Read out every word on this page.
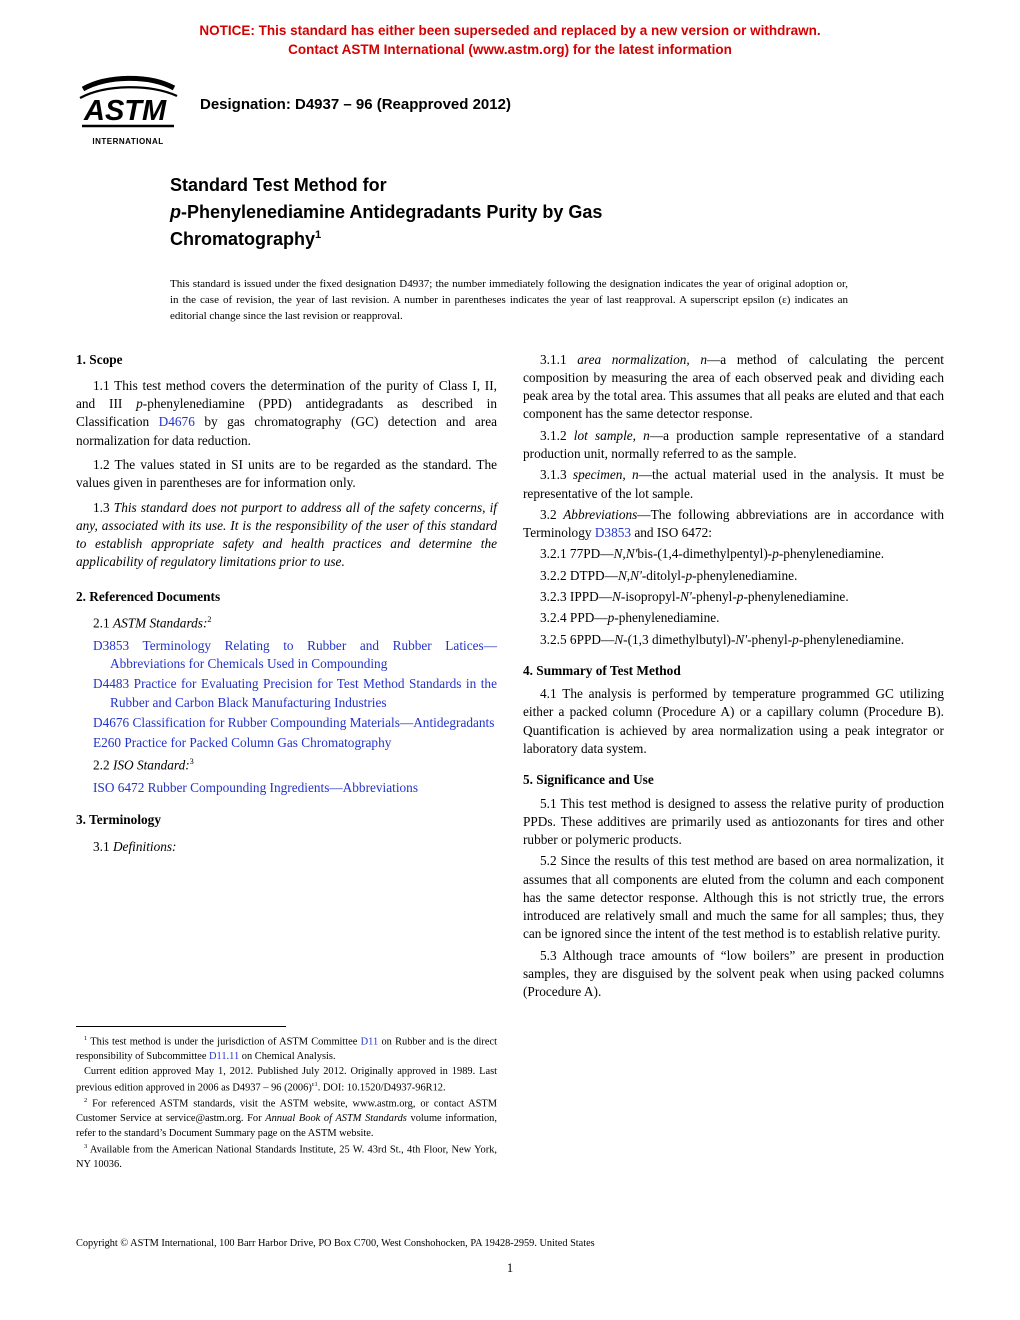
NOTICE: This standard has either been superseded and replaced by a new version or withdrawn.
Contact ASTM International (www.astm.org) for the latest information
ASTM
INTERNATIONAL
Designation: D4937 – 96 (Reapproved 2012)
Standard Test Method for
p-Phenylenediamine Antidegradants Purity by Gas
Chromatography$^1$

This standard is issued under the fixed designation D4937; the number immediately following the designation indicates the year of original adoption or, in the case of revision, the year of last revision. A number in parentheses indicates the year of last reapproval. A superscript epsilon (ε) indicates an editorial change since the last revision or reapproval.

1. Scope

1.1 This test method covers the determination of the purity of Class I, II, and III p-phenylenediamine (PPD) antidegradants as described in Classification D4676 by gas chromatography (GC) detection and area normalization for data reduction.

1.2 The values stated in SI units are to be regarded as the standard. The values given in parentheses are for information only.

1.3 This standard does not purport to address all of the safety concerns, if any, associated with its use. It is the responsibility of the user of this standard to establish appropriate safety and health practices and determine the applicability of regulatory limitations prior to use.

2. Referenced Documents

2.1 ASTM Standards:$^2$

D3853 Terminology Relating to Rubber and Rubber Latices—Abbreviations for Chemicals Used in Compounding

D4483 Practice for Evaluating Precision for Test Method Standards in the Rubber and Carbon Black Manufacturing Industries

D4676 Classification for Rubber Compounding Materials—Antidegradants

E260 Practice for Packed Column Gas Chromatography

2.2 ISO Standard:$^3$

ISO 6472 Rubber Compounding Ingredients—Abbreviations

3. Terminology

3.1 Definitions:

$^1$ This test method is under the jurisdiction of ASTM Committee D11 on Rubber and is the direct responsibility of Subcommittee D11.11 on Chemical Analysis.

Current edition approved May 1, 2012. Published July 2012. Originally approved in 1989. Last previous edition approved in 2006 as D4937 – 96 $(2006)^{\varepsilon 1}$. DOI: 10.1520/D4937-96R12.

$^2$ For referenced ASTM standards, visit the ASTM website, www.astm.org, or contact ASTM Customer Service at service@astm.org. For Annual Book of ASTM Standards volume information, refer to the standard’s Document Summary page on the ASTM website.

$^3$ Available from the American National Standards Institute, 25 W. 43rd St., 4th Floor, New York, NY 10036.

3.1.1 area normalization, n—a method of calculating the percent composition by measuring the area of each observed peak and dividing each peak area by the total area. This assumes that all peaks are eluted and that each component has the same detector response.

3.1.2 lot sample, n—a production sample representative of a standard production unit, normally referred to as the sample.

3.1.3 specimen, n—the actual material used in the analysis. It must be representative of the lot sample.

3.2 Abbreviations—The following abbreviations are in accordance with Terminology D3853 and ISO 6472:

3.2.1 77PD—N,N'bis-(1,4-dimethylpentyl)-p-phenylenediamine.

3.2.2 DTPD—N,N'-ditolyl-p-phenylenediamine.

3.2.3 IPPD—N-isopropyl-N'-phenyl-p-phenylenediamine.

3.2.4 PPD—p-phenylenediamine.

3.2.5 6PPD—N-(1,3 dimethylbutyl)-N'-phenyl-p-phenylenediamine.

4. Summary of Test Method

4.1 The analysis is performed by temperature programmed GC utilizing either a packed column (Procedure A) or a capillary column (Procedure B). Quantification is achieved by area normalization using a peak integrator or laboratory data system.

5. Significance and Use

5.1 This test method is designed to assess the relative purity of production PPDs. These additives are primarily used as antiozonants for tires and other rubber or polymeric products.

5.2 Since the results of this test method are based on area normalization, it assumes that all components are eluted from the column and each component has the same detector response. Although this is not strictly true, the errors introduced are relatively small and much the same for all samples; thus, they can be ignored since the intent of the test method is to establish relative purity.

5.3 Although trace amounts of “low boilers” are present in production samples, they are disguised by the solvent peak when using packed columns (Procedure A).

Copyright © ASTM International, 100 Barr Harbor Drive, PO Box C700, West Conshohocken, PA 19428-2959. United States
1
